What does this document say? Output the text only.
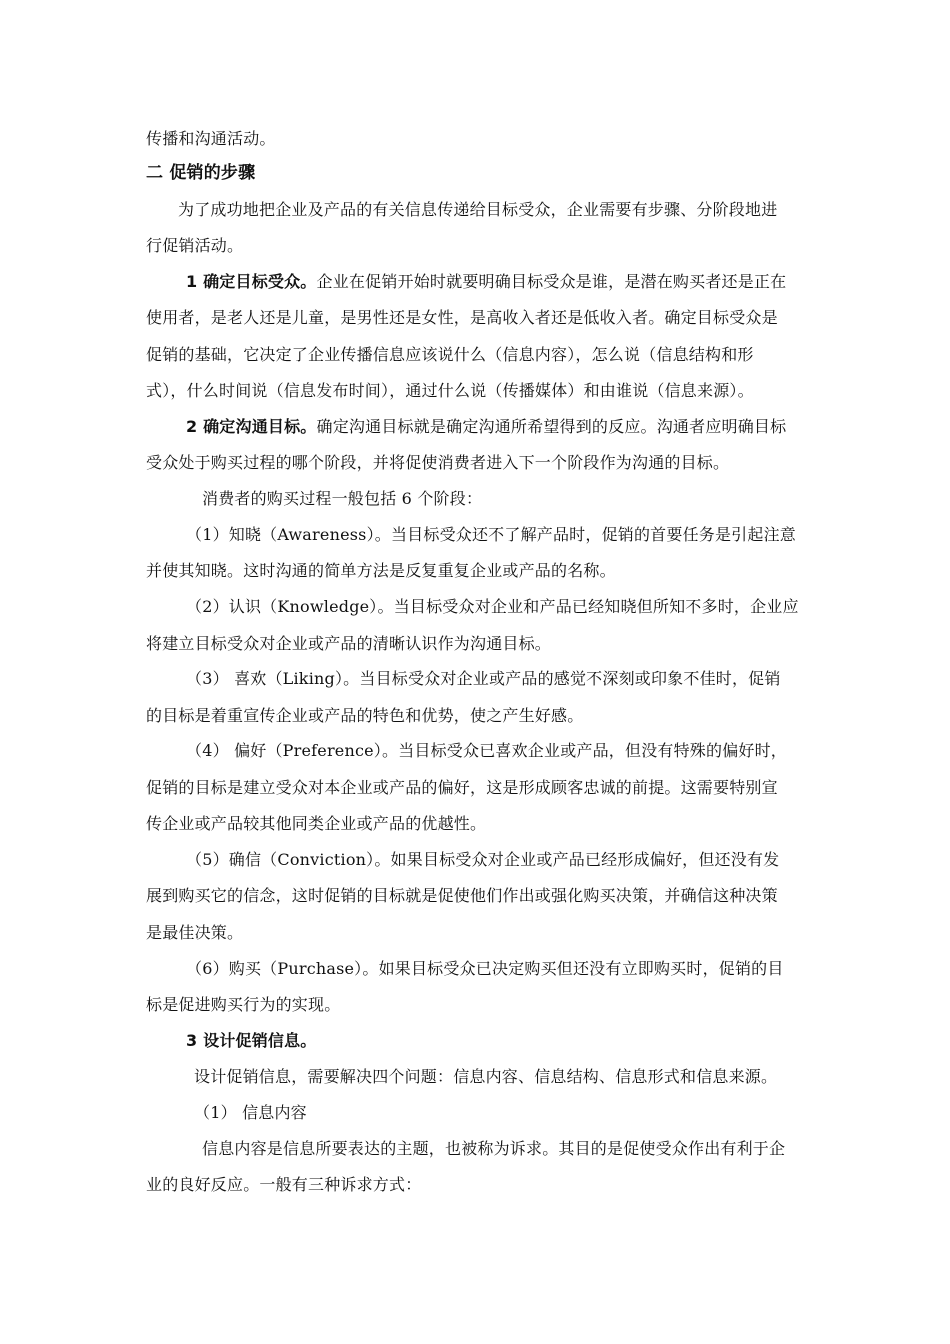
传播和沟通活动。
二 促销的步骤
为了成功地把企业及产品的有关信息传递给目标受众，企业需要有步骤、分阶段地进
行促销活动。
1 确定目标受众。企业在促销开始时就要明确目标受众是谁，是潜在购买者还是正在
使用者，是老人还是儿童，是男性还是女性，是高收入者还是低收入者。确定目标受众是
促销的基础，它决定了企业传播信息应该说什么（信息内容），怎么说（信息结构和形
式），什么时间说（信息发布时间），通过什么说（传播媒体）和由谁说（信息来源）。
2 确定沟通目标。确定沟通目标就是确定沟通所希望得到的反应。沟通者应明确目标
受众处于购买过程的哪个阶段，并将促使消费者进入下一个阶段作为沟通的目标。
消费者的购买过程一般包括 6 个阶段：
（1）知晓（Awareness）。当目标受众还不了解产品时，促销的首要任务是引起注意
并使其知晓。这时沟通的简单方法是反复重复企业或产品的名称。
（2）认识（Knowledge）。当目标受众对企业和产品已经知晓但所知不多时，企业应
将建立目标受众对企业或产品的清晰认识作为沟通目标。
（3） 喜欢（Liking）。当目标受众对企业或产品的感觉不深刻或印象不佳时，促销
的目标是着重宣传企业或产品的特色和优势，使之产生好感。
（4） 偏好（Preference）。当目标受众已喜欢企业或产品，但没有特殊的偏好时，
促销的目标是建立受众对本企业或产品的偏好，这是形成顾客忠诚的前提。这需要特别宣
传企业或产品较其他同类企业或产品的优越性。
（5）确信（Conviction）。如果目标受众对企业或产品已经形成偏好，但还没有发
展到购买它的信念，这时促销的目标就是促使他们作出或强化购买决策，并确信这种决策
是最佳决策。
（6）购买（Purchase）。如果目标受众已决定购买但还没有立即购买时，促销的目
标是促进购买行为的实现。
3 设计促销信息。
设计促销信息，需要解决四个问题：信息内容、信息结构、信息形式和信息来源。
（1） 信息内容
信息内容是信息所要表达的主题，也被称为诉求。其目的是促使受众作出有利于企
业的良好反应。一般有三种诉求方式：
